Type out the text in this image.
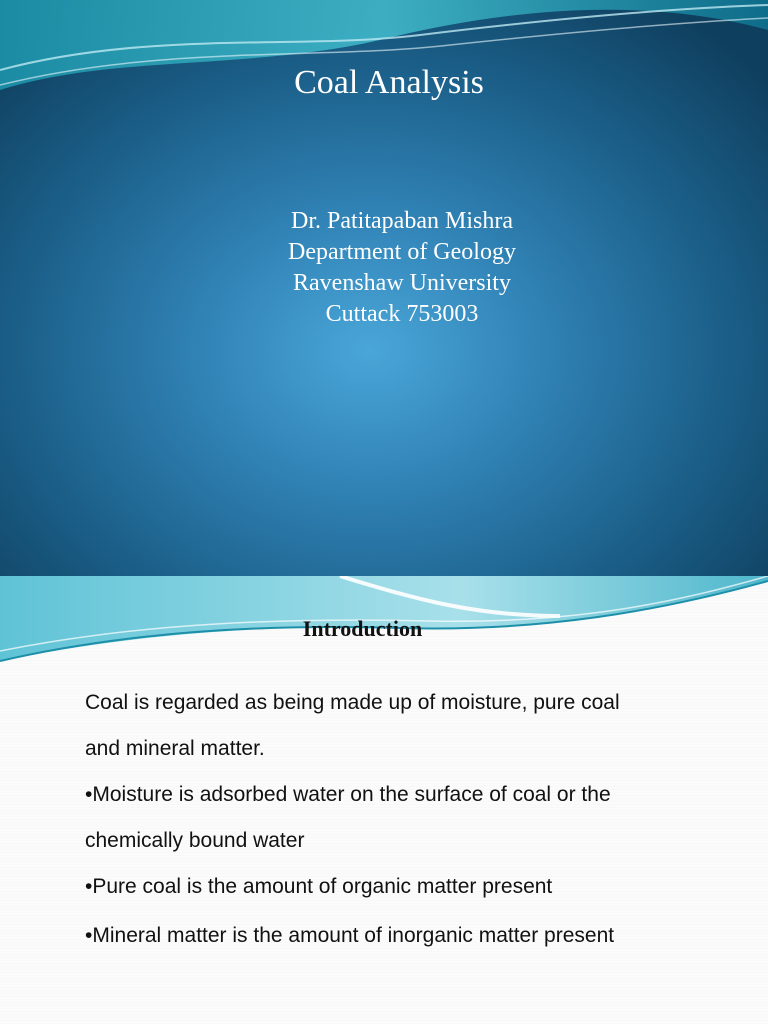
Coal Analysis
Dr. Patitapaban Mishra
Department of Geology
Ravenshaw University
Cuttack 753003
Introduction

Coal is regarded as being made up of moisture, pure coal

and mineral matter.

•Moisture is adsorbed water on the surface of coal or the

chemically bound water

•Pure coal is the amount of organic matter present

•Mineral matter is the amount of inorganic matter present
